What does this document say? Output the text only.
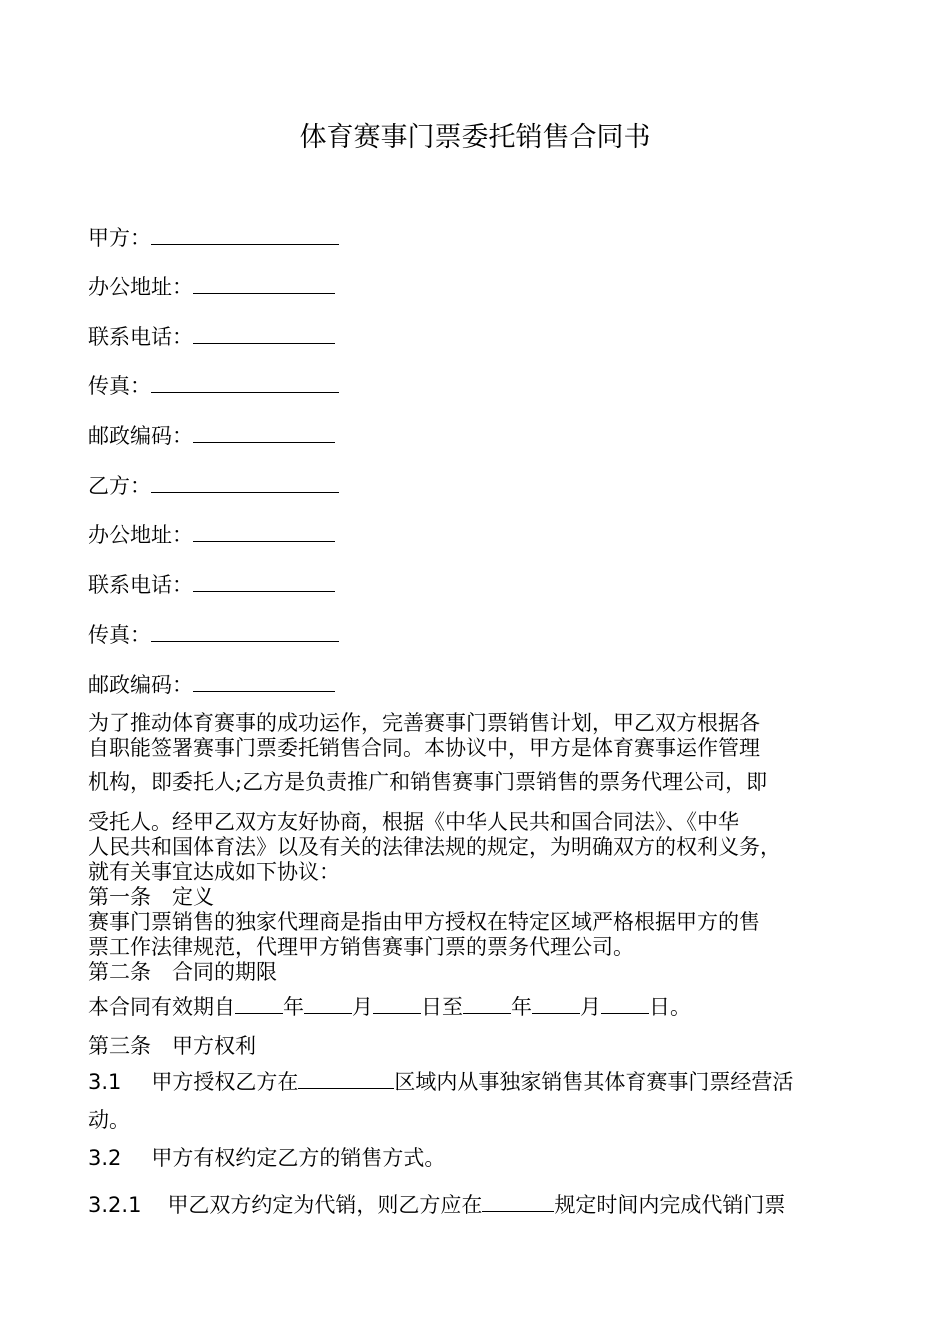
体育赛事门票委托销售合同书
甲方：
办公地址：
联系电话：
传真：
邮政编码：
乙方：
办公地址：
联系电话：
传真：
邮政编码：
为了推动体育赛事的成功运作，完善赛事门票销售计划，甲乙双方根据各
自职能签署赛事门票委托销售合同。本协议中，甲方是体育赛事运作管理
机构，即委托人;乙方是负责推广和销售赛事门票销售的票务代理公司，即
受托人。经甲乙双方友好协商，根据《中华人民共和国合同法》、《中华
人民共和国体育法》以及有关的法律法规的规定，为明确双方的权利义务，
就有关事宜达成如下协议：
第一条　定义
赛事门票销售的独家代理商是指由甲方授权在特定区域严格根据甲方的售
票工作法律规范，代理甲方销售赛事门票的票务代理公司。
第二条　合同的期限
本合同有效期自 年 月 日至 年 月 日。
第三条　甲方权利
3.1 甲方授权乙方在	区域内从事独家销售其体育赛事门票经营活
动。
3.2 甲方有权约定乙方的销售方式。
3.2.1 甲乙双方约定为代销，则乙方应在	规定时间内完成代销门票
